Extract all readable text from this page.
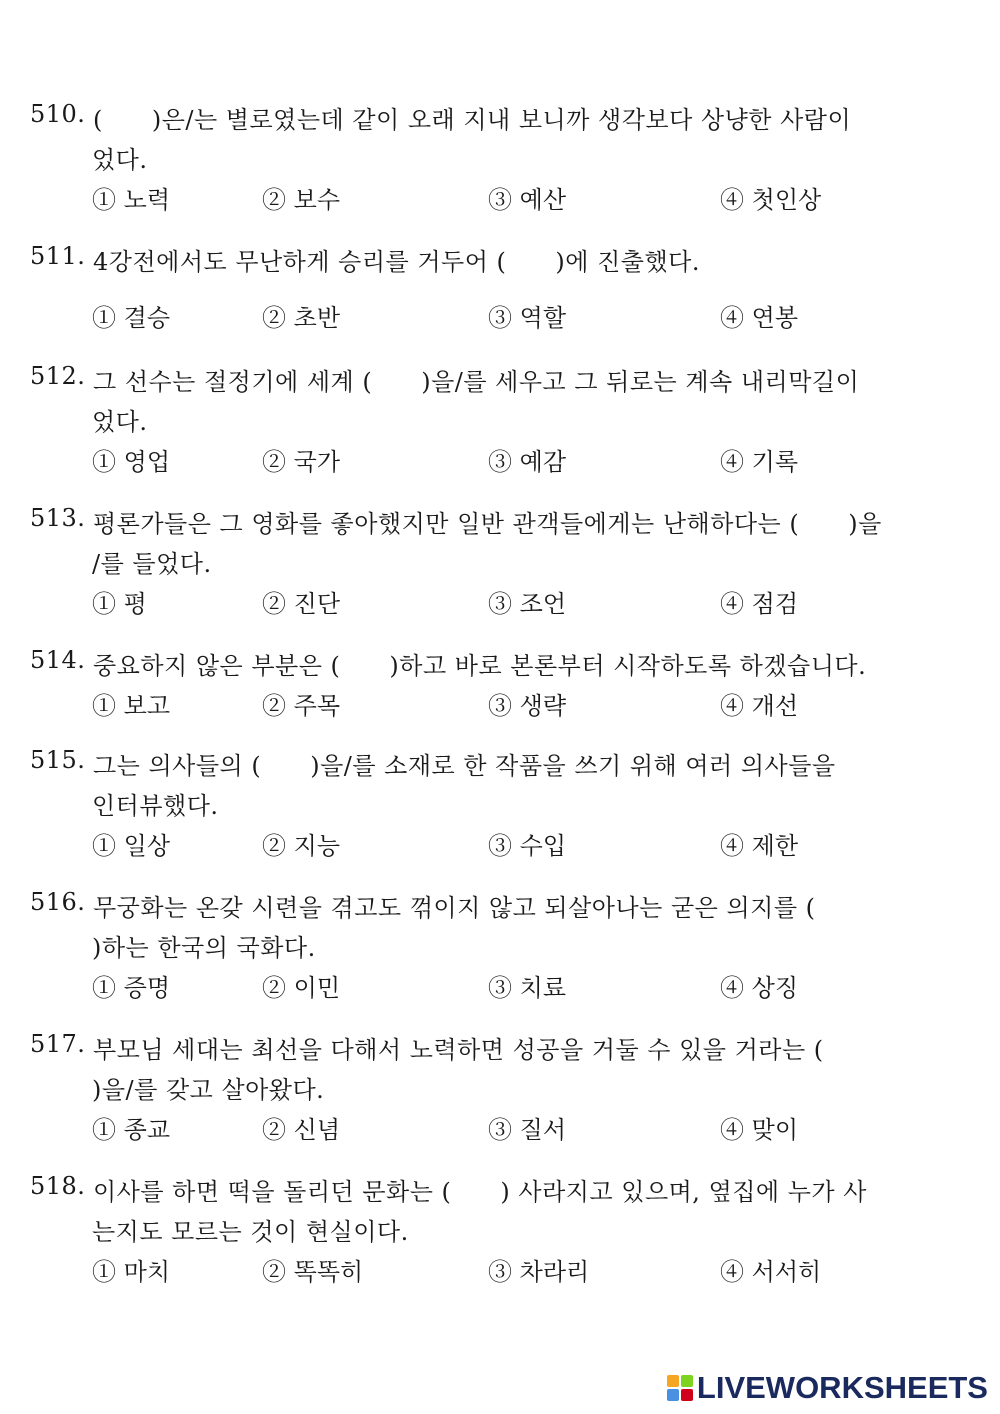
510. (　　)은/는 별로였는데 같이 오래 지내 보니까 생각보다 상냥한 사람이
었다.
① 노력	② 보수	③ 예산	④ 첫인상
511. 4강전에서도 무난하게 승리를 거두어 (　　)에 진출했다.
① 결승	② 초반	③ 역할	④ 연봉
512. 그 선수는 절정기에 세계 (　　)을/를 세우고 그 뒤로는 계속 내리막길이
었다.
① 영업	② 국가	③ 예감	④ 기록
513. 평론가들은 그 영화를 좋아했지만 일반 관객들에게는 난해하다는 (　　)을
/를 들었다.
① 평	② 진단	③ 조언	④ 점검
514. 중요하지 않은 부분은 (　　)하고 바로 본론부터 시작하도록 하겠습니다.
① 보고	② 주목	③ 생략	④ 개선
515. 그는 의사들의 (　　)을/를 소재로 한 작품을 쓰기 위해 여러 의사들을
인터뷰했다.
① 일상	② 지능	③ 수입	④ 제한
516. 무궁화는 온갖 시련을 겪고도 꺾이지 않고 되살아나는 굳은 의지를 (
)하는 한국의 국화다.
① 증명	② 이민	③ 치료	④ 상징
517. 부모님 세대는 최선을 다해서 노력하면 성공을 거둘 수 있을 거라는 (
)을/를 갖고 살아왔다.
① 종교	② 신념	③ 질서	④ 맞이
518. 이사를 하면 떡을 돌리던 문화는 (　　) 사라지고 있으며, 옆집에 누가 사
는지도 모르는 것이 현실이다.
① 마치	② 똑똑히	③ 차라리	④ 서서히
LIVEWORKSHEETS
